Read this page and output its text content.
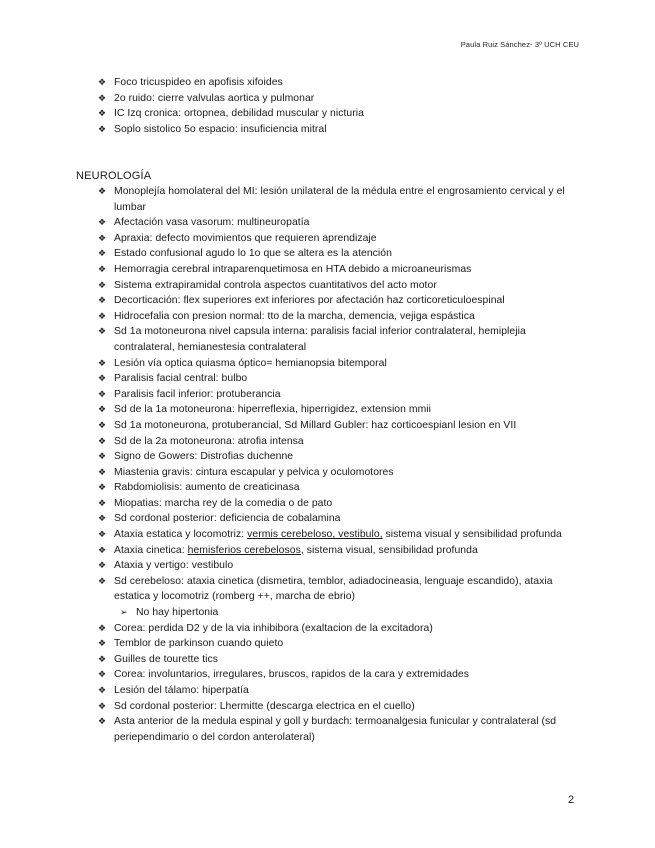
Paula Ruiz Sánchez- 3º UCH CEU
❖ Foco tricuspideo en apofisis xifoides
❖ 2o ruido: cierre valvulas aortica y pulmonar
❖ IC Izq cronica: ortopnea, debilidad muscular y nicturia
❖ Soplo sistolico 5o espacio: insuficiencia mitral
NEUROLOGÍA
❖ Monoplejía homolateral del MI: lesión unilateral de la médula entre el engrosamiento cervical y el lumbar
❖ Afectación vasa vasorum: multineuropatía
❖ Apraxia: defecto movimientos que requieren aprendizaje
❖ Estado confusional agudo lo 1o que se altera es la atención
❖ Hemorragia cerebral intraparenquetimosa en HTA debido a microaneurismas
❖ Sistema extrapiramidal controla aspectos cuantitativos del acto motor
❖ Decorticación: flex superiores ext inferiores por afectación haz corticoreticuloespinal
❖ Hidrocefalia con presion normal: tto de la marcha, demencia, vejiga espástica
❖ Sd 1a motoneurona nivel capsula interna: paralisis facial inferior contralateral, hemiplejia contralateral, hemianestesia contralateral
❖ Lesión vía optica quiasma óptico= hemianopsia bitemporal
❖ Paralisis facial central: bulbo
❖ Paralisis facil inferior: protuberancia
❖ Sd de la 1a motoneurona: hiperreflexia, hiperrigidez, extension mmii
❖ Sd 1a motoneurona, protuberancial, Sd Millard Gubler: haz corticoespianl lesion en VII
❖ Sd de la 2a motoneurona: atrofia intensa
❖ Signo de Gowers: Distrofias duchenne
❖ Miastenia gravis: cintura escapular y pelvica y oculomotores
❖ Rabdomiolisis: aumento de creaticinasa
❖ Miopatias: marcha rey de la comedia o de pato
❖ Sd cordonal posterior: deficiencia de cobalamina
❖ Ataxia estatica y locomotriz: vermis cerebeloso, vestibulo, sistema visual y sensibilidad profunda
❖ Ataxia cinetica: hemisferios cerebelosos, sistema visual, sensibilidad profunda
❖ Ataxia y vertigo: vestibulo
❖ Sd cerebeloso: ataxia cinetica (dismetira, temblor, adiadocineasia, lenguaje escandido), ataxia estatica y locomotriz (romberg ++, marcha de ebrio)
➢ No hay hipertonia
❖ Corea: perdida D2 y de la via inhibibora (exaltacion de la excitadora)
❖ Temblor de parkinson cuando quieto
❖ Guilles de tourette tics
❖ Corea: involuntarios, irregulares, bruscos, rapidos de la cara y extremidades
❖ Lesión del tálamo: hiperpatía
❖ Sd cordonal posterior: Lhermitte (descarga electrica en el cuello)
❖ Asta anterior de la medula espinal y goll y burdach: termoanalgesia funicular y contralateral (sd periependimario o del cordon anterolateral)
2
